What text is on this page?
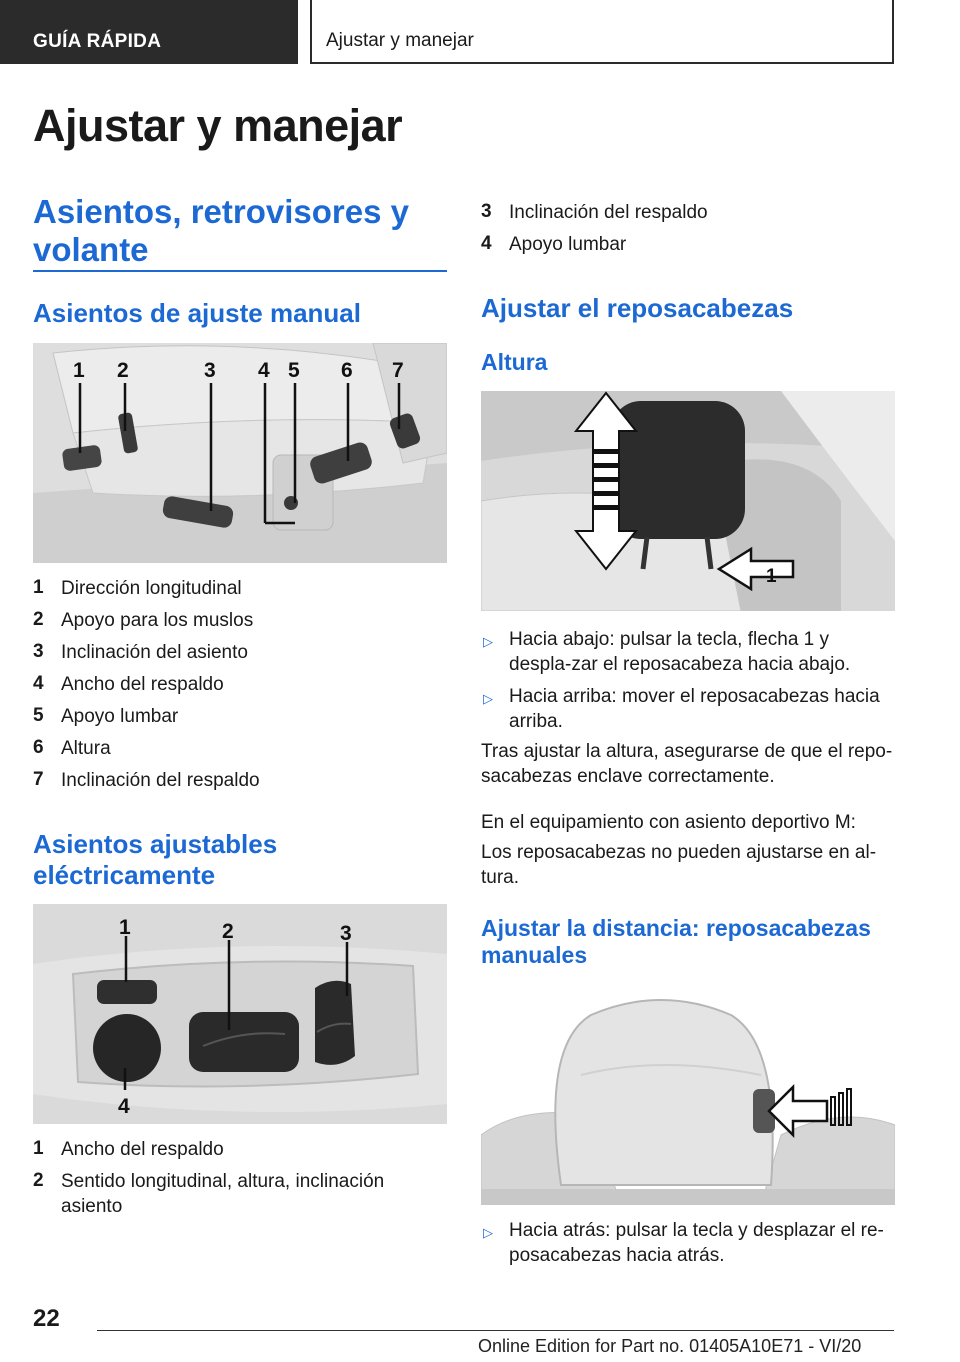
GUÍA RÁPIDA	Ajustar y manejar
Ajustar y manejar
Asientos, retrovisores y volante
Asientos de ajuste manual
1 2	3 4 5 6 7
1 Dirección longitudinal
2 Apoyo para los muslos
3 Inclinación del asiento
4 Ancho del respaldo
5 Apoyo lumbar
6 Altura
7 Inclinación del respaldo
Asientos ajustables eléctricamente
1	2	3
4
1 Ancho del respaldo
2 Sentido longitudinal, altura, inclinación asiento
3 Inclinación del respaldo
4 Apoyo lumbar
Ajustar el reposacabezas
Altura
1
▷ Hacia abajo: pulsar la tecla, flecha 1 y despla-zar el reposacabeza hacia abajo.
▷ Hacia arriba: mover el reposacabezas hacia arriba.
Tras ajustar la altura, asegurarse de que el repo-sacabezas enclave correctamente.
En el equipamiento con asiento deportivo M:
Los reposacabezas no pueden ajustarse en al-tura.
Ajustar la distancia: reposacabezas manuales
▷ Hacia atrás: pulsar la tecla y desplazar el re-posacabezas hacia atrás.
22
Online Edition for Part no. 01405A10E71 - VI/20
